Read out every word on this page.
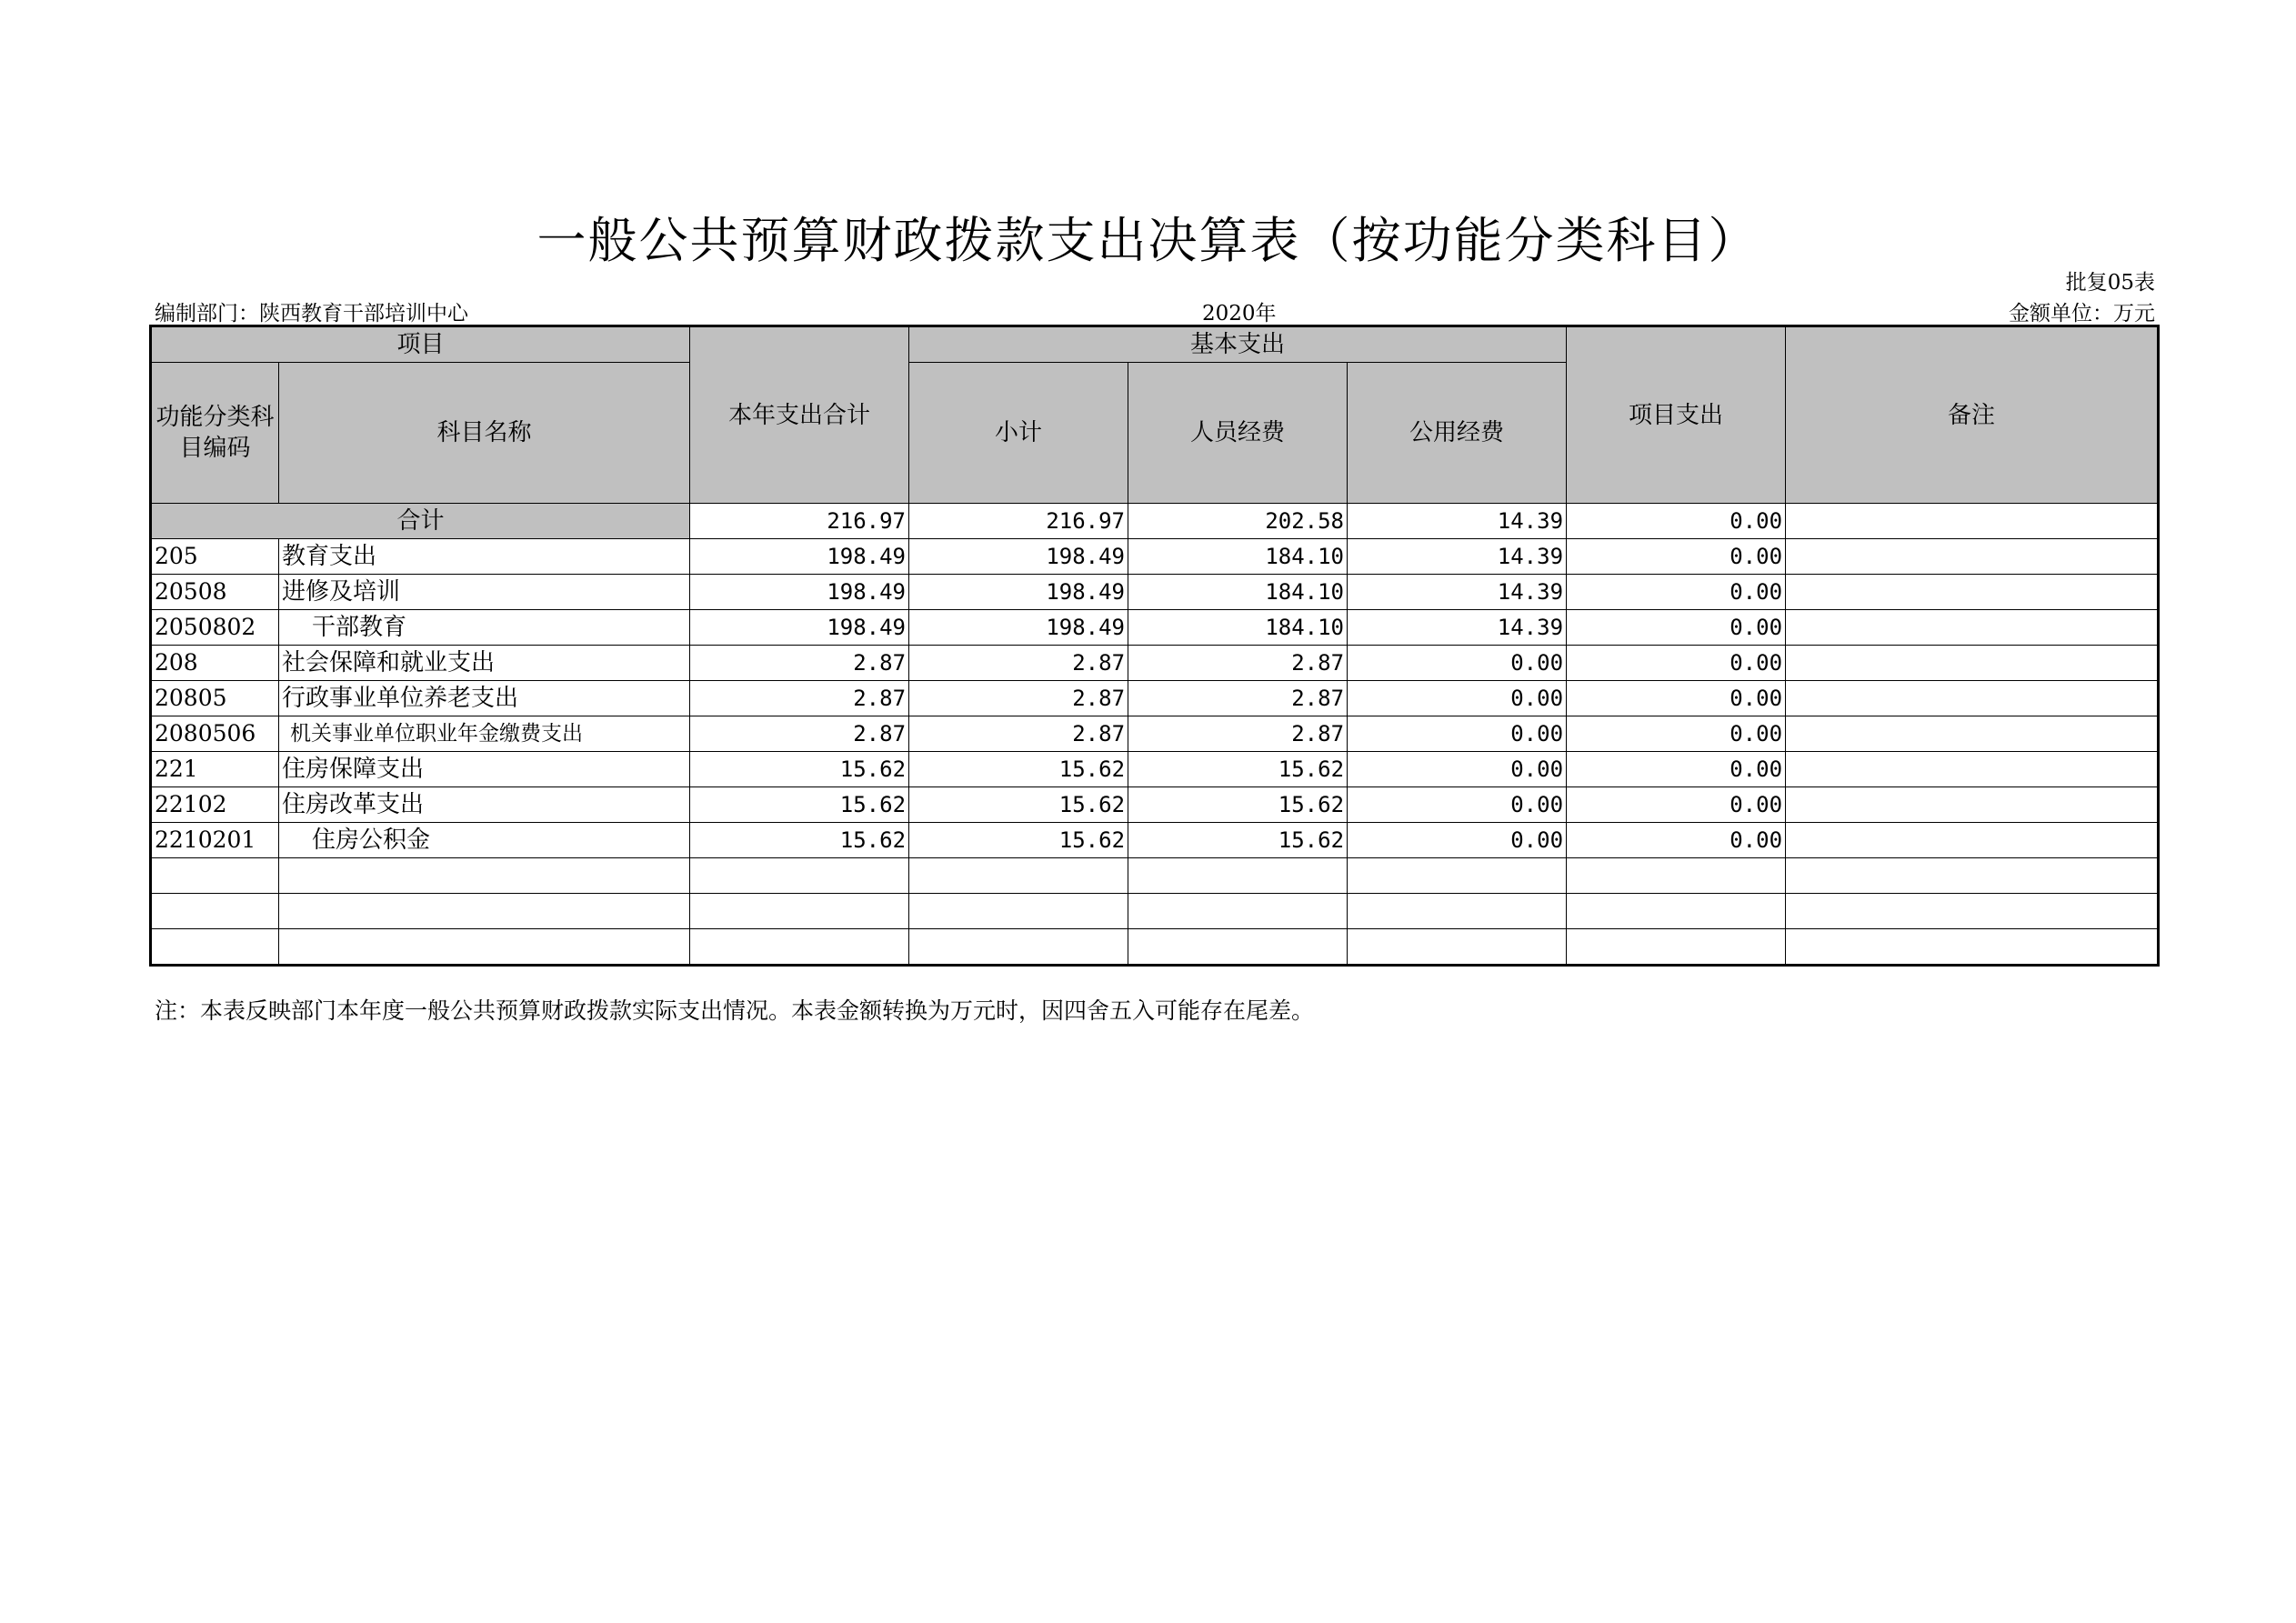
一般公共预算财政拨款支出决算表（按功能分类科目）
批复05表
编制部门：陕西教育干部培训中心	2020年	金额单位：万元
项目		本年支出合计	基本支出			项目支出	备注
功能分类科目编码	科目名称		小计	人员经费	公用经费		
合计		216.97	216.97	202.58	14.39	0.00	
205	教育支出	198.49	198.49	184.10	14.39	0.00	
20508	进修及培训	198.49	198.49	184.10	14.39	0.00	
2050802	干部教育	198.49	198.49	184.10	14.39	0.00	
208	社会保障和就业支出	2.87	2.87	2.87	0.00	0.00	
20805	行政事业单位养老支出	2.87	2.87	2.87	0.00	0.00	
2080506	机关事业单位职业年金缴费支出	2.87	2.87	2.87	0.00	0.00	
221	住房保障支出	15.62	15.62	15.62	0.00	0.00	
22102	住房改革支出	15.62	15.62	15.62	0.00	0.00	
2210201	住房公积金	15.62	15.62	15.62	0.00	0.00	

注：本表反映部门本年度一般公共预算财政拨款实际支出情况。本表金额转换为万元时，因四舍五入可能存在尾差。
